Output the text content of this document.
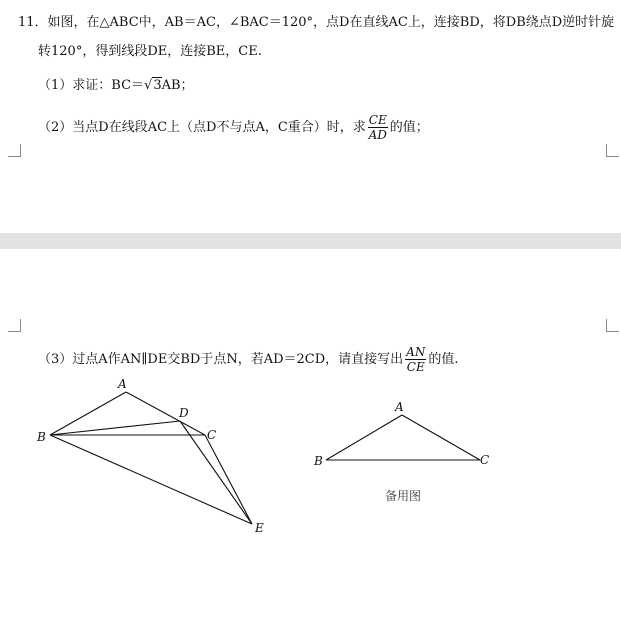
11．如图，在△ABC中，AB＝AC，∠BAC＝120°，点D在直线AC上，连接BD，将DB绕点D逆时针旋
转120°，得到线段DE，连接BE，CE.
（1）求证：BC＝√3AB；
（2）当点D在线段AC上（点D不与点A，C重合）时，求 $\frac{CE}{AD}$ 的值；
（3）过点A作AN∥DE交BD于点N，若AD＝2CD，请直接写出 $\frac{AN}{CE}$ 的值.
A
B	C
D
E
A
B	C
备用图
